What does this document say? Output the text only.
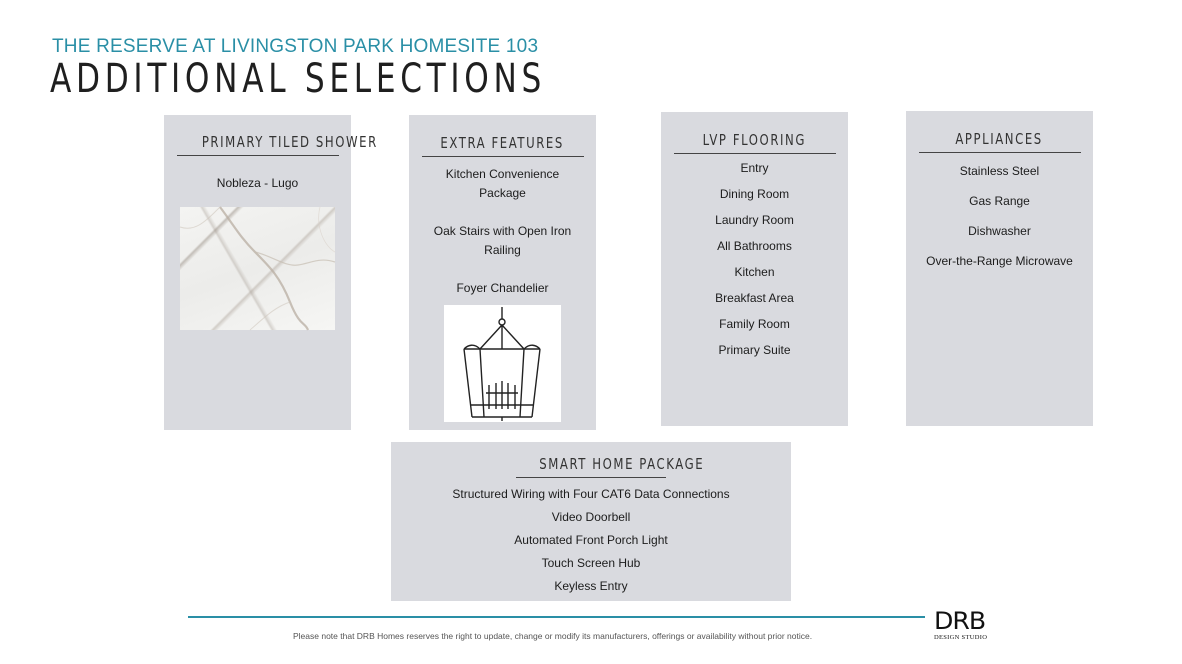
THE RESERVE AT LIVINGSTON PARK HOMESITE 103
ADDITIONAL SELECTIONS
PRIMARY TILED SHOWER
Nobleza - Lugo
EXTRA FEATURES
Kitchen Convenience
Package
Oak Stairs with Open Iron
Railing
Foyer Chandelier
LVP FLOORING
Entry
Dining Room
Laundry Room
All Bathrooms
Kitchen
Breakfast Area
Family Room
Primary Suite
APPLIANCES
Stainless Steel
Gas Range
Dishwasher
Over-the-Range Microwave
SMART HOME PACKAGE
Structured Wiring with Four CAT6 Data Connections
Video Doorbell
Automated Front Porch Light
Touch Screen Hub
Keyless Entry
Please note that DRB Homes reserves the right to update, change or modify its manufacturers, offerings or availability without prior notice.
DRB
DESIGN STUDIO
